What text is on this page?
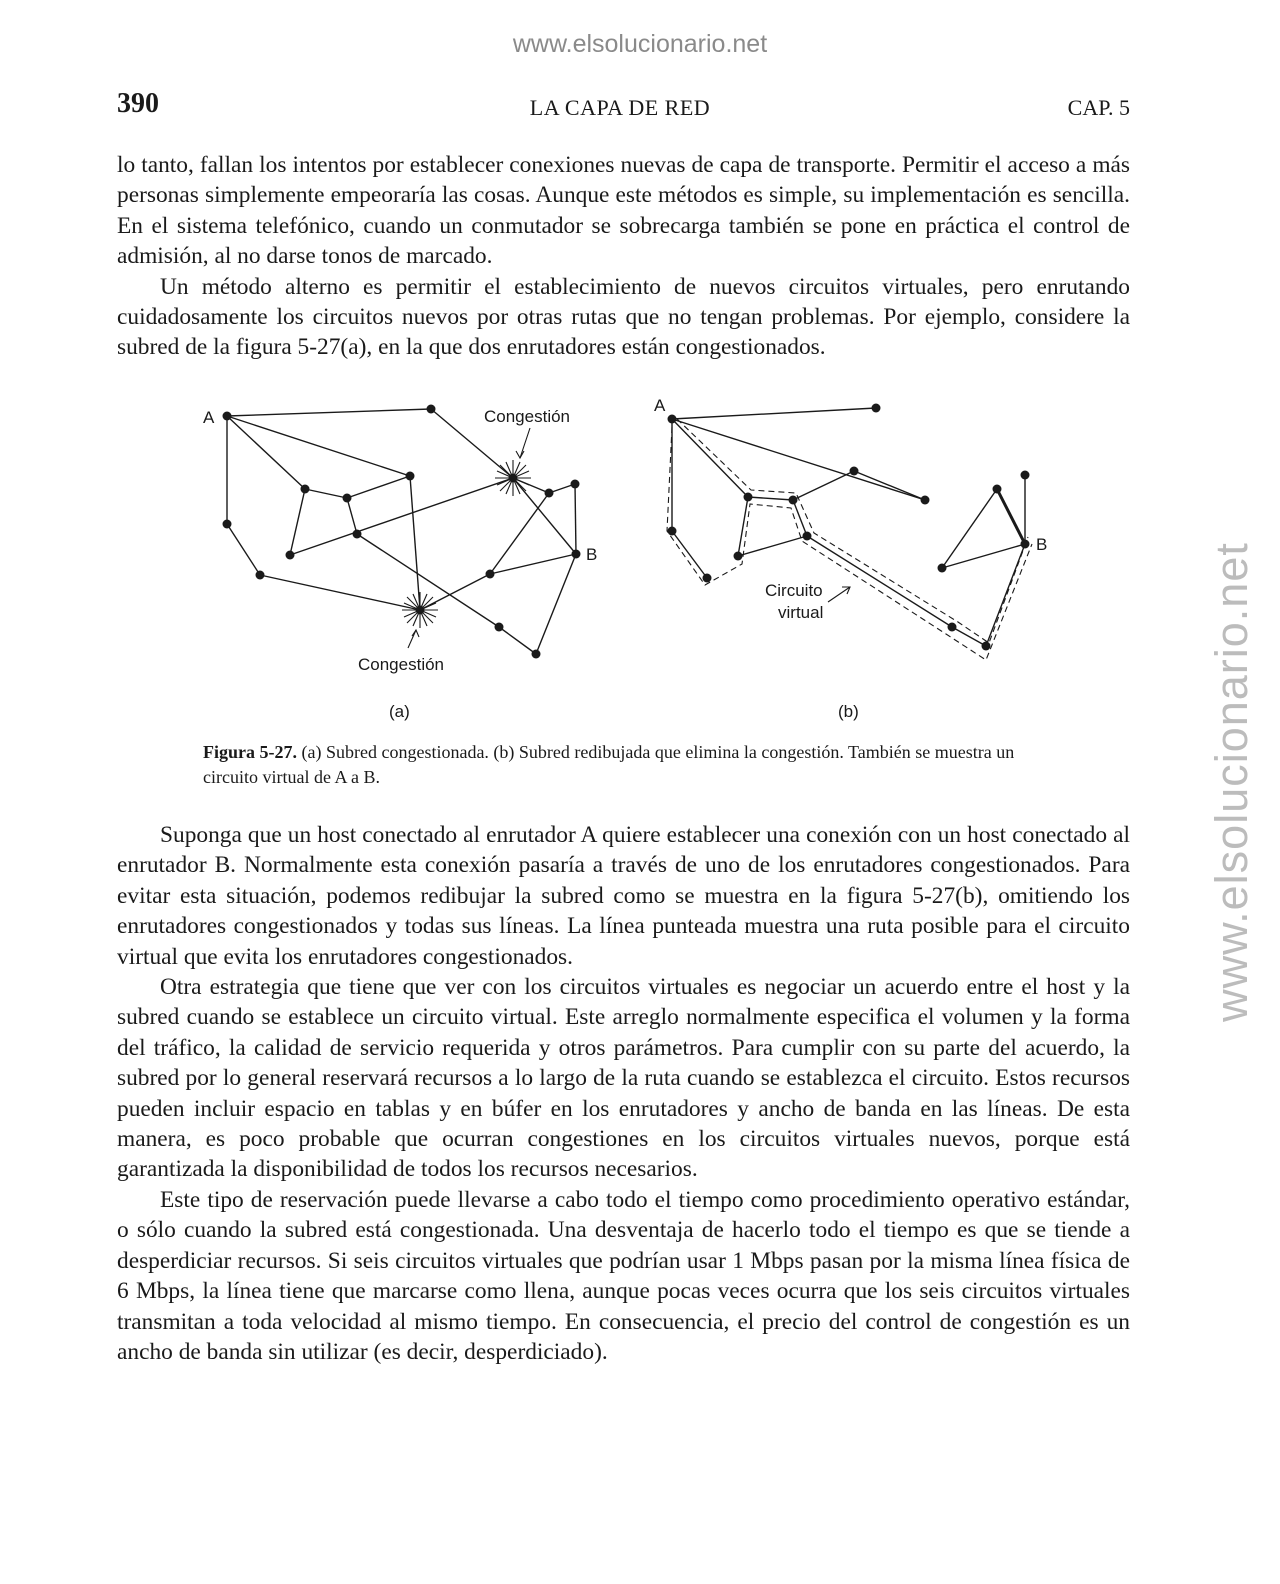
www.elsolucionario.net
www.elsolucionario.net
390	LA CAPA DE RED	CAP. 5

lo tanto, fallan los intentos por establecer conexiones nuevas de capa de transporte. Permitir el acceso a más personas simplemente empeoraría las cosas. Aunque este métodos es simple, su implementación es sencilla. En el sistema telefónico, cuando un conmutador se sobrecarga también se pone en práctica el control de admisión, al no darse tonos de marcado.

Un método alterno es permitir el establecimiento de nuevos circuitos virtuales, pero enrutando cuidadosamente los circuitos nuevos por otras rutas que no tengan problemas. Por ejemplo, considere la subred de la figura 5-27(a), en la que dos enrutadores están congestionados.

A
B
Congestión
Congestión
(a)
A
B
Circuito
virtual
(b)
Figura 5-27. (a) Subred congestionada. (b) Subred redibujada que elimina la congestión. También se muestra un circuito virtual de A a B.

Suponga que un host conectado al enrutador A quiere establecer una conexión con un host conectado al enrutador B. Normalmente esta conexión pasaría a través de uno de los enrutadores congestionados. Para evitar esta situación, podemos redibujar la subred como se muestra en la figura 5-27(b), omitiendo los enrutadores congestionados y todas sus líneas. La línea punteada muestra una ruta posible para el circuito virtual que evita los enrutadores congestionados.

Otra estrategia que tiene que ver con los circuitos virtuales es negociar un acuerdo entre el host y la subred cuando se establece un circuito virtual. Este arreglo normalmente especifica el volumen y la forma del tráfico, la calidad de servicio requerida y otros parámetros. Para cumplir con su parte del acuerdo, la subred por lo general reservará recursos a lo largo de la ruta cuando se establezca el circuito. Estos recursos pueden incluir espacio en tablas y en búfer en los enrutadores y ancho de banda en las líneas. De esta manera, es poco probable que ocurran congestiones en los circuitos virtuales nuevos, porque está garantizada la disponibilidad de todos los recursos necesarios.

Este tipo de reservación puede llevarse a cabo todo el tiempo como procedimiento operativo estándar, o sólo cuando la subred está congestionada. Una desventaja de hacerlo todo el tiempo es que se tiende a desperdiciar recursos. Si seis circuitos virtuales que podrían usar 1 Mbps pasan por la misma línea física de 6 Mbps, la línea tiene que marcarse como llena, aunque pocas veces ocurra que los seis circuitos virtuales transmitan a toda velocidad al mismo tiempo. En consecuencia, el precio del control de congestión es un ancho de banda sin utilizar (es decir, desperdiciado).
